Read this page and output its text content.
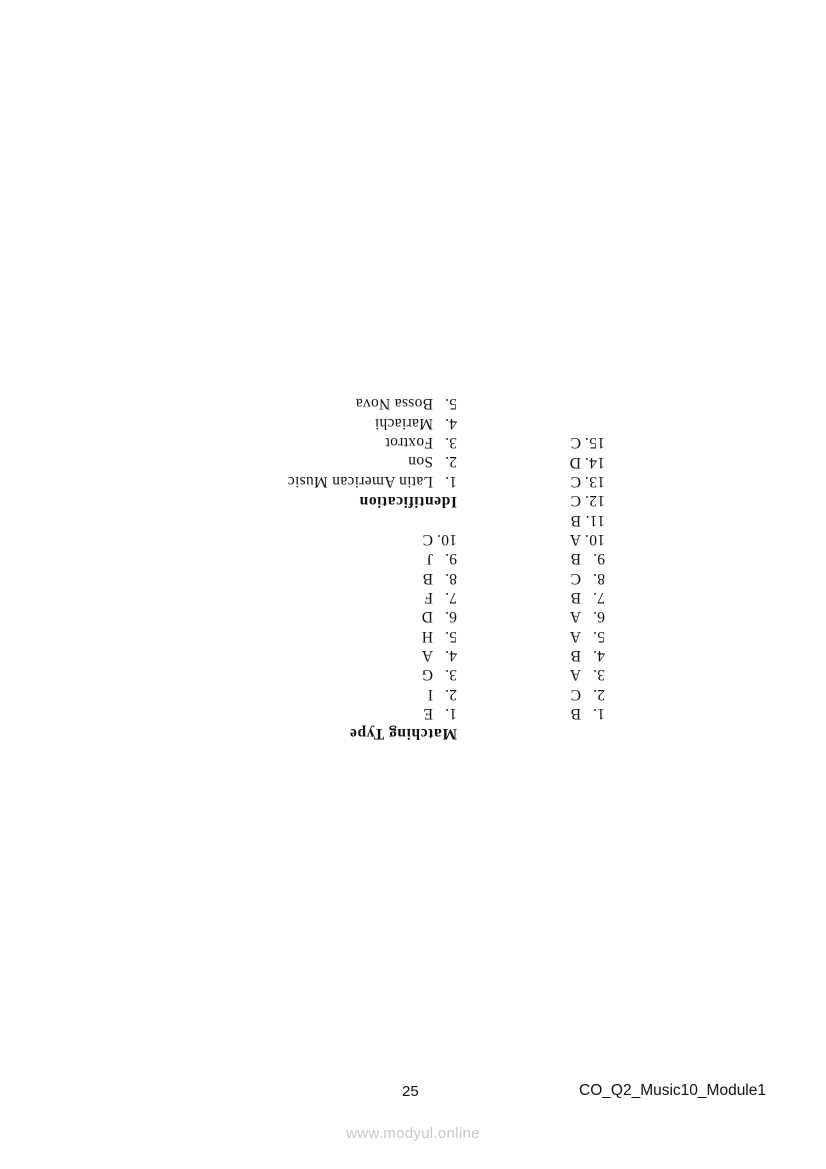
1.B
2.C
3.A
4.B
5.A
6.A
7.B
8.C
9.B
10.A
11.B
12.C
13.C
14.D
15.C
Matching Type
1.E
2.I
3.G
4.A
5.H
6.D
7.F
8.B
9.J
10.C
Identification
1.Latin American Music
2.Son
3.Foxtrot
4.Mariachi
5.Bossa Nova
25	CO_Q2_Music10_Module1
www.modyul.online
